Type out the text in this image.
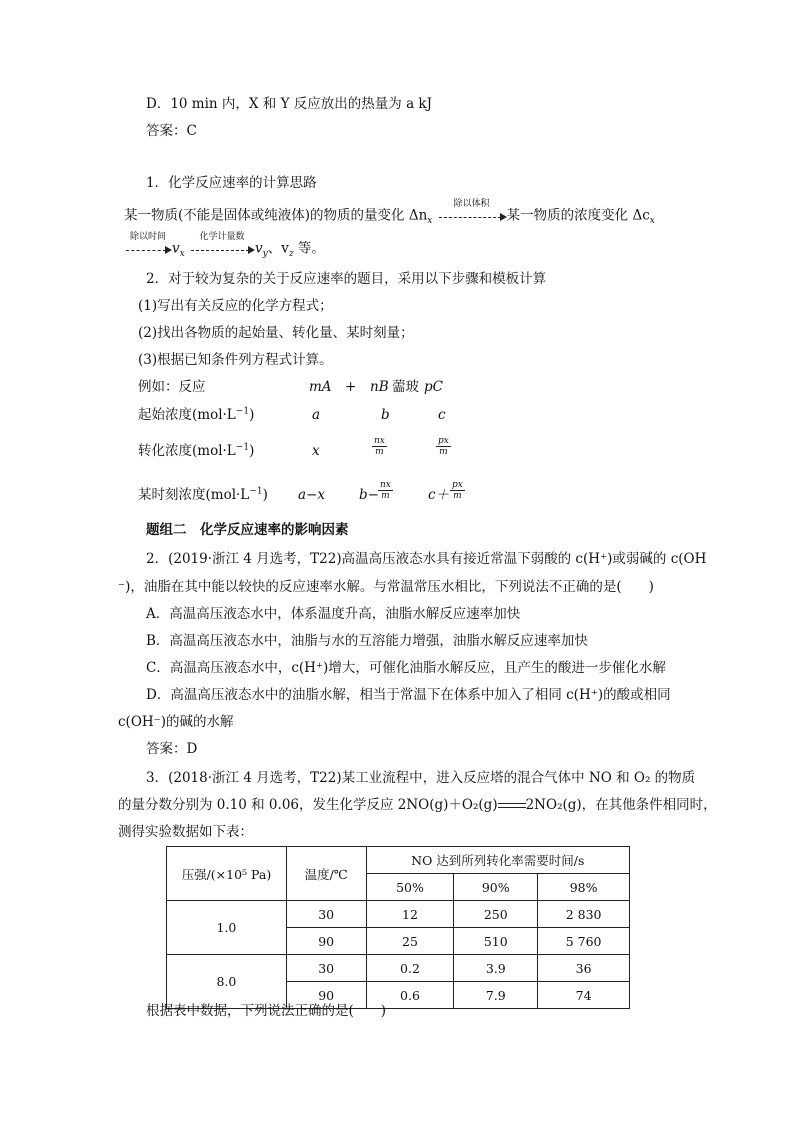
D．10 min 内，X 和 Y 反应放出的热量为 a kJ
答案：C
1．化学反应速率的计算思路
某一物质(不能是固体或纯液体)的物质的量变化 $\Delta n_x$
除以体积
某一物质的浓度变化 $\Delta c_x$
除以时间
$v_x$
化学计量数
$v_y$、$v_z$ 等。
2．对于较为复杂的关于反应速率的题目，采用以下步骤和模板计算
(1)写出有关反应的化学方程式；
(2)找出各物质的起始量、转化量、某时刻量；
(3)根据已知条件列方程式计算。
例如：反应	mA + nB 蘦玻 pC
起始浓度$(mol\cdot L^{-1})$	a	b	c
转化浓度$(mol\cdot L^{-1})$	x	$\frac{nx}{m}$	$\frac{px}{m}$
某时刻浓度$(mol\cdot L^{-1})$ a−x	$b- \frac{nx}{m}$	$c+ \frac{px}{m}$
题组二　化学反应速率的影响因素
2．(2019·浙江 4 月选考，T22)高温高压液态水具有接近常温下弱酸的 c(H⁺)或弱碱的 c(OH
⁻)，油脂在其中能以较快的反应速率水解。与常温常压水相比，下列说法不正确的是(　　)
A．高温高压液态水中，体系温度升高，油脂水解反应速率加快
B．高温高压液态水中，油脂与水的互溶能力增强，油脂水解反应速率加快
C．高温高压液态水中，c(H⁺)增大，可催化油脂水解反应，且产生的酸进一步催化水解
D．高温高压液态水中的油脂水解，相当于常温下在体系中加入了相同 c(H⁺)的酸或相同
c(OH⁻)的碱的水解
答案：D
3．(2018·浙江 4 月选考，T22)某工业流程中，进入反应塔的混合气体中 NO 和 O₂ 的物质
的量分数分别为 0.10 和 0.06，发生化学反应 2NO(g)＋O₂(g) 2NO₂(g)，在其他条件相同时，
测得实验数据如下表：
压强/(×10⁵ Pa)	温度/℃	NO 达到所列转化率需要时间/s		
		50%	90%	98%
1.0	30	12	250	2 830
	90	25	510	5 760
8.0	30	0.2	3.9	36
	90	0.6	7.9	74
根据表中数据，下列说法正确的是(　　)
